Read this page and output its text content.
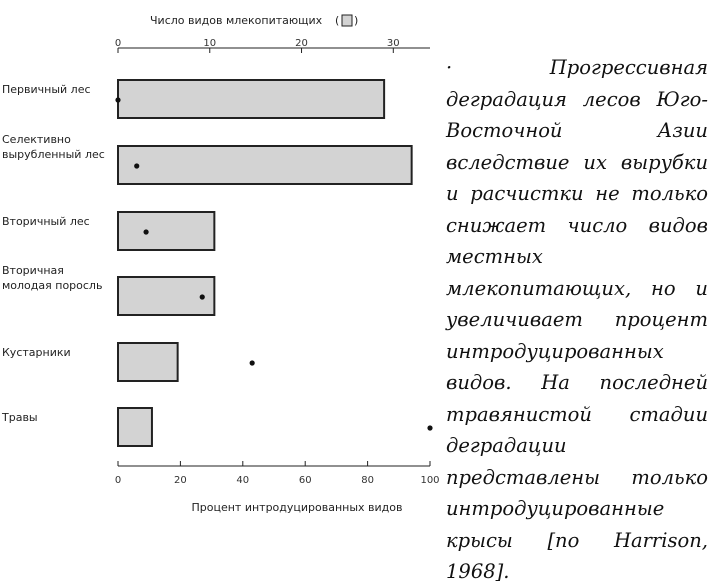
0	10	20	30
Число видов млекопитающих ( )
0	20	40	60	80	100
Процент интродуцированных видов
Первичный лес
Селективно
вырубленный лес
Вторичный лес
Вторичная
молодая поросль
Кустарники
Травы
· Прогрессивная деградация лесов Юго-Восточной Азии вследствие их вырубки и расчистки не только снижает число видов местных млекопитающих, но и увеличивает процент интродуцированных видов. На последней травянистой стадии деградации представлены только интродуцированные крысы [по Harrison, 1968].
